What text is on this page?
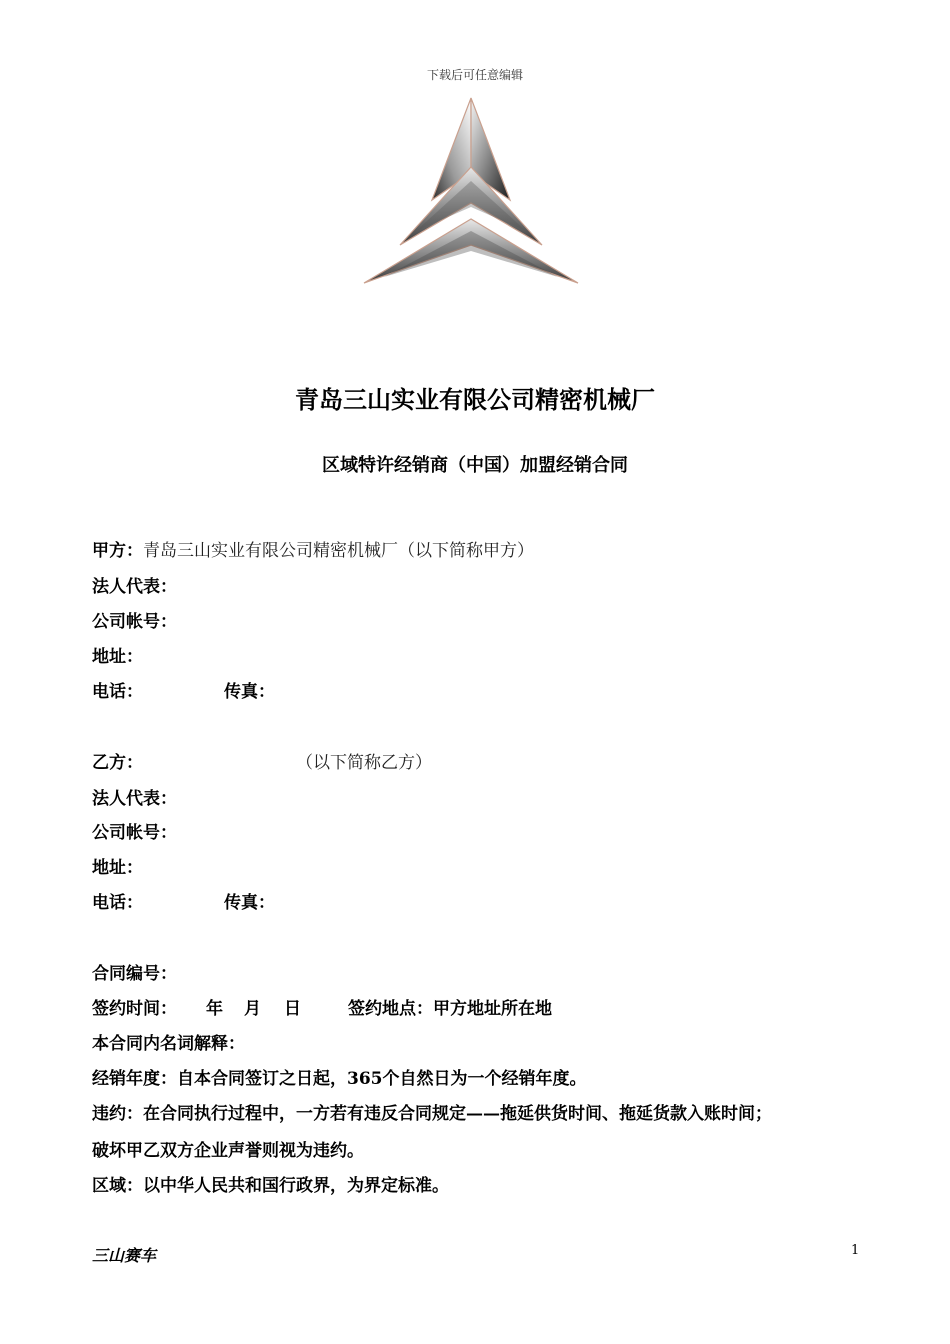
下载后可任意编辑
青岛三山实业有限公司精密机械厂
区域特许经销商（中国）加盟经销合同
甲方：青岛三山实业有限公司精密机械厂（以下简称甲方）
法人代表：
公司帐号：
地址：
电话：	传真：
乙方：	（以下简称乙方）
法人代表：
公司帐号：
地址：
电话：	传真：
合同编号：
签约时间： 年 月 日	签约地点：甲方地址所在地
本合同内名词解释：
经销年度：自本合同签订之日起，365个自然日为一个经销年度。
违约：在合同执行过程中，一方若有违反合同规定——拖延供货时间、拖延货款入账时间；
破坏甲乙双方企业声誉则视为违约。
区域：以中华人民共和国行政界，为界定标准。
三山赛车	1
